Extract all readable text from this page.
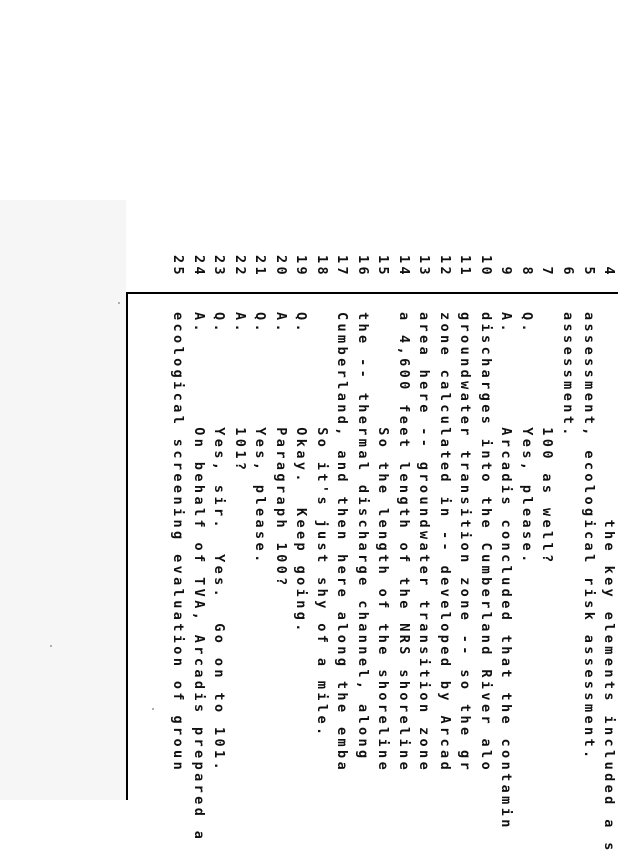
4
the key elements included a s
5
assessment, ecological risk assessment.
6
assessment.
7
100 as well?
8
Q.        Yes, please.
9
A.        Arcadis concluded that the contamin
10
discharges into the Cumberland River alo
11
groundwater transition zone -- so the gr
12
zone calculated in -- developed by Arcad
13
area here -- groundwater transition zone
14
a 4,600 feet length of the NRS shoreline
15
So the length of the shoreline
16
the -- thermal discharge channel, along
17
Cumberland, and then here along the emba
18
So it's just shy of a mile.
19
Q.        Okay.  Keep going.
20
A.        Paragraph 100?
21
Q.        Yes, please.
22
A.        101?
23
Q.        Yes, sir.  Yes.  Go on to 101.
24
A.        On behalf of TVA, Arcadis prepared a
25
ecological screening evaluation of groun
